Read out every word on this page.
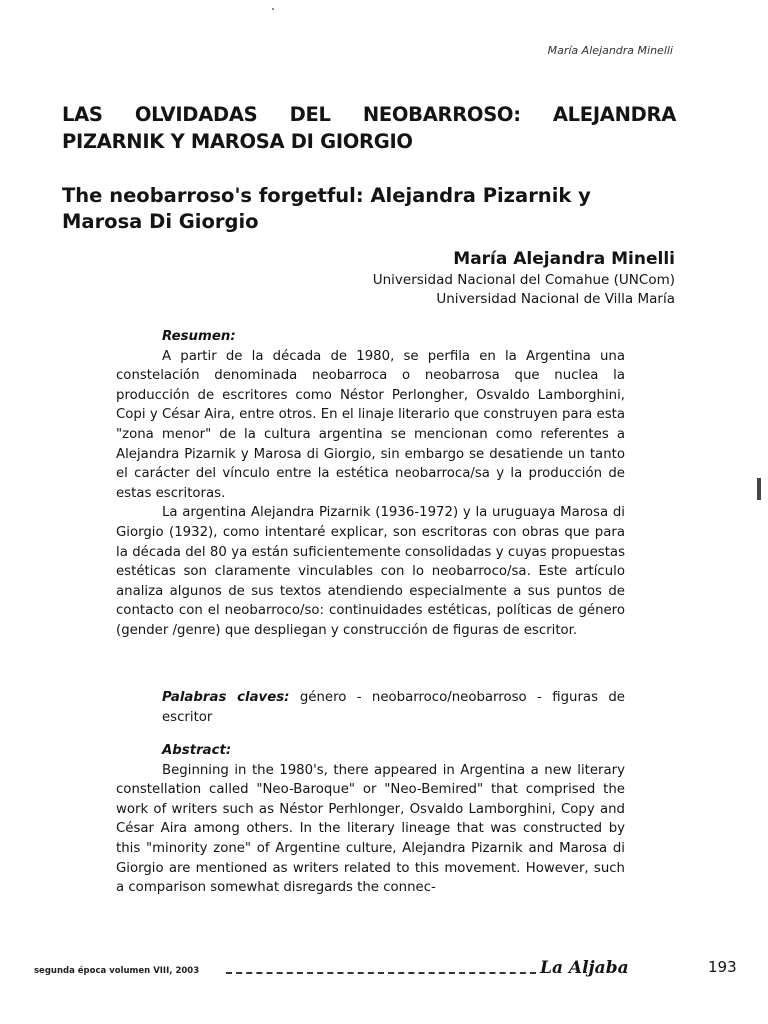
María Alejandra Minelli
LAS OLVIDADAS DEL NEOBARROSO: ALEJANDRA
PIZARNIK Y MAROSA DI GIORGIO
The neobarroso's forgetful: Alejandra Pizarnik y Marosa Di Giorgio
María Alejandra Minelli
Universidad Nacional del Comahue (UNCom)
Universidad Nacional de Villa María

Resumen:

A partir de la década de 1980, se perfila en la Argentina una constelación denominada neobarroca o neobarrosa que nuclea la producción de escritores como Néstor Perlongher, Osvaldo Lamborghini, Copi y César Aira, entre otros. En el linaje literario que construyen para esta "zona menor" de la cultura argentina se mencionan como referentes a Alejandra Pizarnik y Marosa di Giorgio, sin embargo se desatiende un tanto el carácter del vínculo entre la estética neobarroca/sa y la producción de estas escritoras.

La argentina Alejandra Pizarnik (1936-1972) y la uruguaya Marosa di Giorgio (1932), como intentaré explicar, son escritoras con obras que para la década del 80 ya están suficientemente consolidadas y cuyas propuestas estéticas son claramente vinculables con lo neobarroco/sa. Este artículo analiza algunos de sus textos atendiendo especialmente a sus puntos de contacto con el neobarroco/so: continuidades estéticas, políticas de género (gender /genre) que despliegan y construcción de figuras de escritor.

Palabras claves: género - neobarroco/neobarroso - figuras de escritor

Abstract:

Beginning in the 1980's, there appeared in Argentina a new literary constellation called "Neo-Baroque" or "Neo-Bemired" that comprised the work of writers such as Néstor Perhlonger, Osvaldo Lamborghini, Copy and César Aira among others. In the literary lineage that was constructed by this "minority zone" of Argentine culture, Alejandra Pizarnik and Marosa di Giorgio are mentioned as writers related to this movement. However, such a comparison somewhat disregards the connec-

segunda época volumen VIII, 2003	La Aljaba	193
